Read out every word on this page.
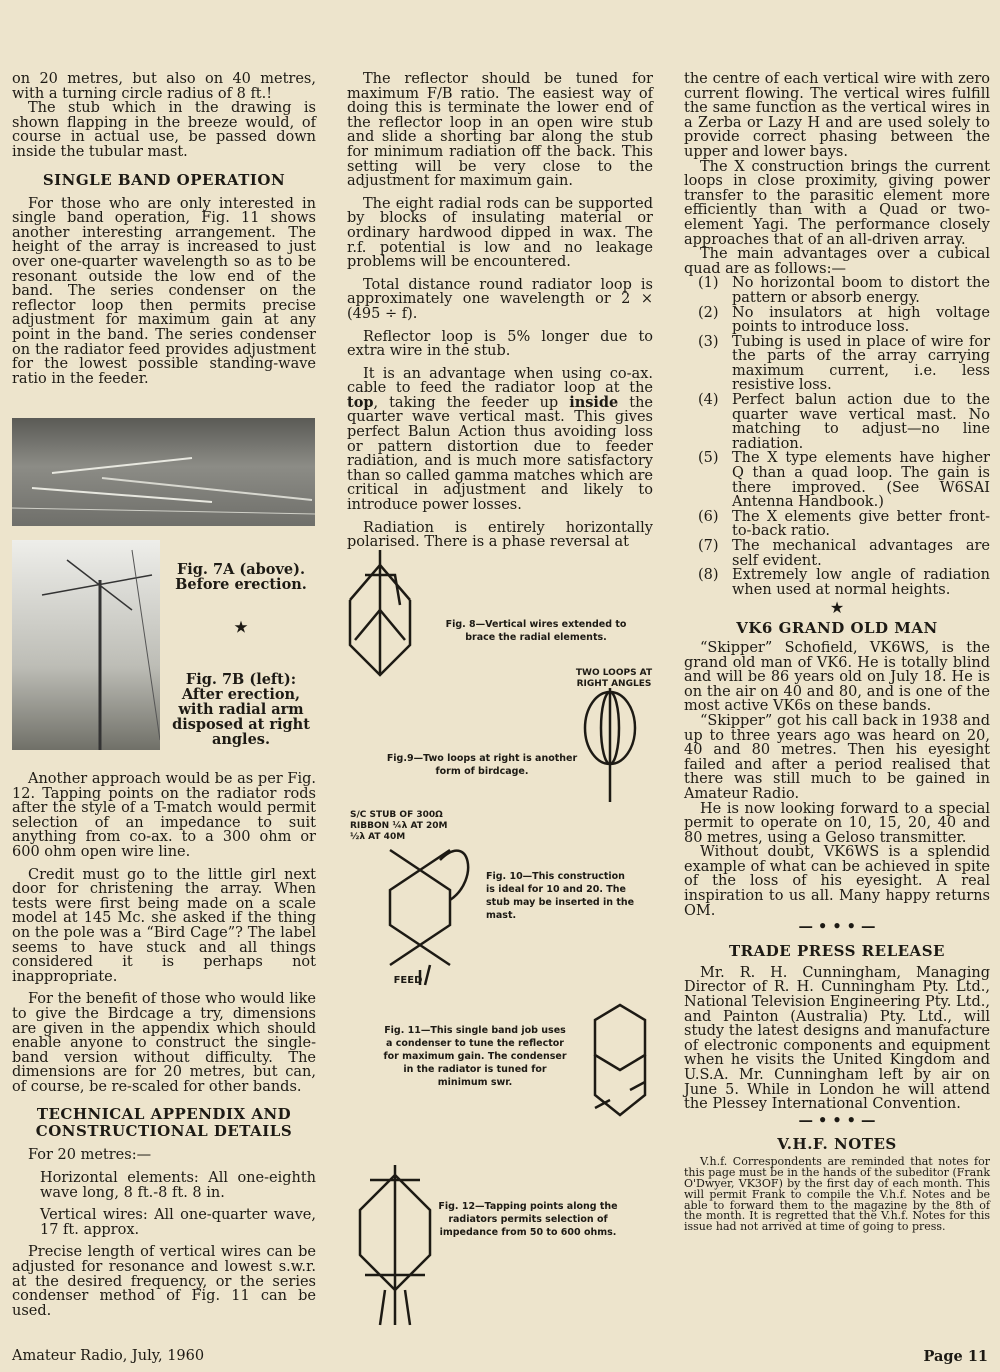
on 20 metres, but also on 40 metres, with a turning circle radius of 8 ft.!

The stub which in the drawing is shown flapping in the breeze would, of course in actual use, be passed down inside the tubular mast.

SINGLE BAND OPERATION

For those who are only interested in single band operation, Fig. 11 shows another interesting arrangement. The height of the array is increased to just over one-quarter wavelength so as to be resonant outside the low end of the band. The series condenser on the reflector loop then permits precise adjustment for maximum gain at any point in the band. The series condenser on the radiator feed provides adjustment for the lowest possible standing-wave ratio in the feeder.

Fig. 7A (above). Before erection.
★
Fig. 7B (left): After erection, with radial arm disposed at right angles.

Another approach would be as per Fig. 12. Tapping points on the radiator rods after the style of a T-match would permit selection of an impedance to suit anything from co-ax. to a 300 ohm or 600 ohm open wire line.

Credit must go to the little girl next door for christening the array. When tests were first being made on a scale model at 145 Mc. she asked if the thing on the pole was a “Bird Cage”? The label seems to have stuck and all things considered it is perhaps not inappropriate.

For the benefit of those who would like to give the Birdcage a try, dimensions are given in the appendix which should enable anyone to construct the single-band version without difficulty. The dimensions are for 20 metres, but can, of course, be re-scaled for other bands.

TECHNICAL APPENDIX AND CONSTRUCTIONAL DETAILS

For 20 metres:—

Horizontal elements: All one-eighth wave long, 8 ft.-8 ft. 8 in.

Vertical wires: All one-quarter wave, 17 ft. approx.

Precise length of vertical wires can be adjusted for resonance and lowest s.w.r. at the desired frequency, or the series condenser method of Fig. 11 can be used.

The reflector should be tuned for maximum F/B ratio. The easiest way of doing this is terminate the lower end of the reflector loop in an open wire stub and slide a shorting bar along the stub for minimum radiation off the back. This setting will be very close to the adjustment for maximum gain.

The eight radial rods can be supported by blocks of insulating material or ordinary hardwood dipped in wax. The r.f. potential is low and no leakage problems will be encountered.

Total distance round radiator loop is approximately one wavelength or 2 × (495 ÷ f).

Reflector loop is 5% longer due to extra wire in the stub.

It is an advantage when using co-ax. cable to feed the radiator loop at the top, taking the feeder up inside the quarter wave vertical mast. This gives perfect Balun Action thus avoiding loss or pattern distortion due to feeder radiation, and is much more satisfactory than so called gamma matches which are critical in adjustment and likely to introduce power losses.

Radiation is entirely horizontally polarised. There is a phase reversal at

Fig. 8—Vertical wires extended to brace the radial elements.
TWO LOOPS AT RIGHT ANGLES
Fig.9—Two loops at right is another form of birdcage.
S/C STUB OF 300Ω RIBBON ¼λ AT 20M ½λ AT 40M
Fig. 10—This construction is ideal for 10 and 20. The stub may be inserted in the mast.
FEED
Fig. 11—This single band job uses a condenser to tune the reflector for maximum gain. The condenser in the radiator is tuned for minimum swr.
Fig. 12—Tapping points along the radiators permits selection of impedance from 50 to 600 ohms.

the centre of each vertical wire with zero current flowing. The vertical wires fulfill the same function as the vertical wires in a Zerba or Lazy H and are used solely to provide correct phasing between the upper and lower bays.

The X construction brings the current loops in close proximity, giving power transfer to the parasitic element more efficiently than with a Quad or two-element Yagi. The performance closely approaches that of an all-driven array.

The main advantages over a cubical quad are as follows:—

(1) No horizontal boom to distort the pattern or absorb energy.
(2) No insulators at high voltage points to introduce loss.
(3) Tubing is used in place of wire for the parts of the array carrying maximum current, i.e. less resistive loss.
(4) Perfect balun action due to the quarter wave vertical mast. No matching to adjust—no line radiation.
(5) The X type elements have higher Q than a quad loop. The gain is there improved. (See W6SAI Antenna Handbook.)
(6) The X elements give better front-to-back ratio.
(7) The mechanical advantages are self evident.
(8) Extremely low angle of radiation when used at normal heights.
★
VK6 GRAND OLD MAN

“Skipper” Schofield, VK6WS, is the grand old man of VK6. He is totally blind and will be 86 years old on July 18. He is on the air on 40 and 80, and is one of the most active VK6s on these bands.

“Skipper” got his call back in 1938 and up to three years ago was heard on 20, 40 and 80 metres. Then his eyesight failed and after a period realised that there was still much to be gained in Amateur Radio.

He is now looking forward to a special permit to operate on 10, 15, 20, 40 and 80 metres, using a Geloso transmitter.

Without doubt, VK6WS is a splendid example of what can be achieved in spite of the loss of his eyesight. A real inspiration to us all. Many happy returns OM.

— • • • —
TRADE PRESS RELEASE

Mr. R. H. Cunningham, Managing Director of R. H. Cunningham Pty. Ltd., National Television Engineering Pty. Ltd., and Painton (Australia) Pty. Ltd., will study the latest designs and manufacture of electronic components and equipment when he visits the United Kingdom and U.S.A. Mr. Cunningham left by air on June 5. While in London he will attend the Plessey International Convention.

— • • • —
V.H.F. NOTES

V.h.f. Correspondents are reminded that notes for this page must be in the hands of the subeditor (Frank O'Dwyer, VK3OF) by the first day of each month. This will permit Frank to compile the V.h.f. Notes and be able to forward them to the magazine by the 8th of the month. It is regretted that the V.h.f. Notes for this issue had not arrived at time of going to press.

Amateur Radio, July, 1960	Page 11
